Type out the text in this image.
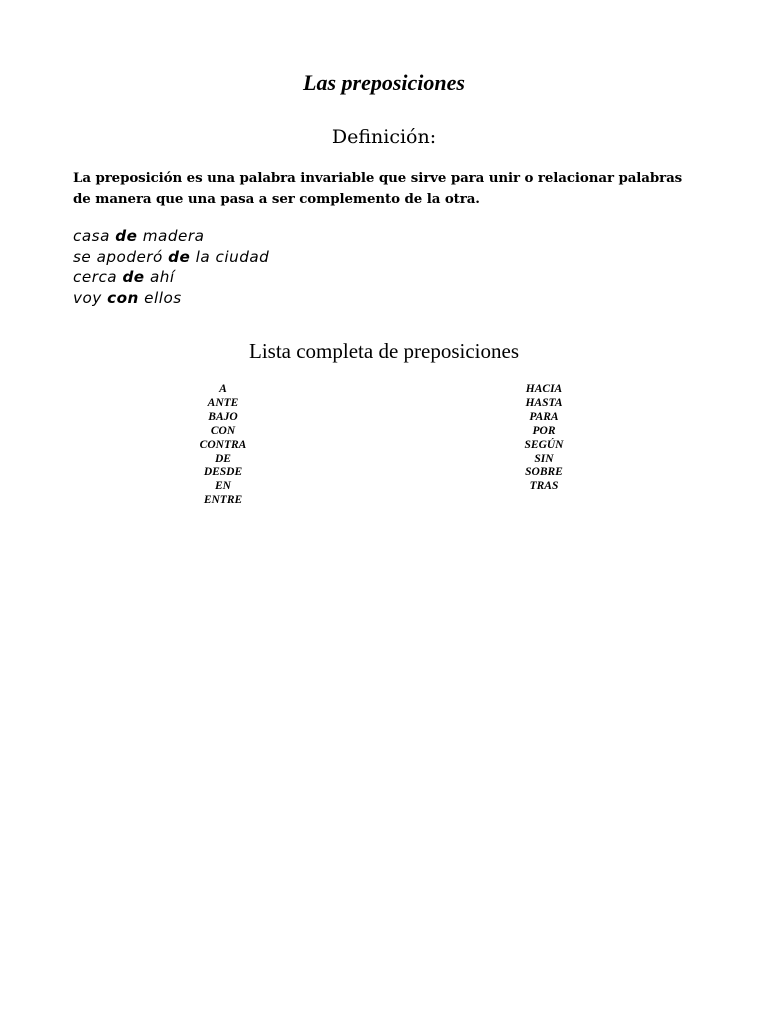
Las preposiciones
Definición:
La preposición es una palabra invariable que sirve para unir o relacionar palabras de manera que una pasa a ser complemento de la otra.
casa de madera
se apoderó de la ciudad
cerca de ahí
voy con ellos
Lista completa de preposiciones
A
ANTE
BAJO
CON
CONTRA
DE
DESDE
EN
ENTRE
HACIA
HASTA
PARA
POR
SEGÚN
SIN
SOBRE
TRAS
